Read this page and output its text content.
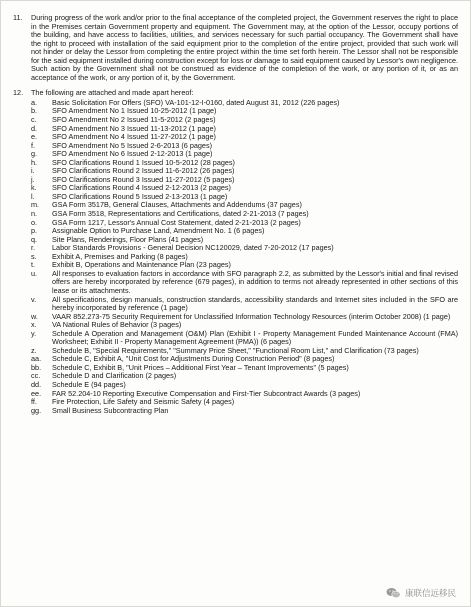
11.	During progress of the work and/or prior to the final acceptance of the completed project, the Government reserves the right to place in the Premises certain Government property and equipment. The Government may, at the option of the Lessor, occupy portions of the building, and have access to facilities, utilities, and services necessary for such partial occupancy. The Government shall have the right to proceed with installation of the said equipment prior to the completion of the entire project, provided that such work will not hinder or delay the Lessor from completing the entire project within the time set forth herein. The Lessor shall not be responsible for the said equipment installed during construction except for loss or damage to said equipment caused by Lessor's own negligence. Such action by the Government shall not be construed as evidence of the completion of the work, or any portion of it, or as an acceptance of the work, or any portion of it, by the Government.
12.	The following are attached and made apart hereof:
a.	Basic Solicitation For Offers (SFO) VA-101-12-I-0160, dated August 31, 2012 (226 pages)
b.	SFO Amendment No 1 Issued 10-25-2012 (1 page)
c.	SFO Amendment No 2 Issued 11-5-2012 (2 pages)
d.	SFO Amendment No 3 Issued 11-13-2012 (1 page)
e.	SFO Amendment No 4 Issued 11-27-2012 (1 page)
f.	SFO Amendment No 5 Issued 2-6-2013 (6 pages)
g.	SFO Amendment No 6 Issued 2-12-2013 (1 page)
h.	SFO Clarifications Round 1 Issued 10-5-2012 (28 pages)
i.	SFO Clarifications Round 2 Issued 11-6-2012 (26 pages)
j.	SFO Clarifications Round 3 Issued 11-27-2012 (5 pages)
k.	SFO Clarifications Round 4 Issued 2-12-2013 (2 pages)
l.	SFO Clarifications Round 5 Issued 2-13-2013 (1 page)
m.	GSA Form 3517B, General Clauses, Attachments and Addendums (37 pages)
n.	GSA Form 3518, Representations and Certifications, dated 2-21-2013 (7 pages)
o.	GSA Form 1217, Lessor's Annual Cost Statement, dated 2-21-2013 (2 pages)
p.	Assignable Option to Purchase Land, Amendment No. 1 (6 pages)
q.	Site Plans, Renderings, Floor Plans (41 pages)
r.	Labor Standards Provisions - General Decision NC120029, dated 7-20-2012 (17 pages)
s.	Exhibit A, Premises and Parking (8 pages)
t.	Exhibit B, Operations and Maintenance Plan (23 pages)
u.	All responses to evaluation factors in accordance with SFO paragraph 2.2, as submitted by the Lessor's initial and final revised offers are hereby incorporated by reference (679 pages), in addition to terms not already represented in other sections of this lease or its attachments.
v.	All specifications, design manuals, construction standards, accessibility standards and Internet sites included in the SFO are hereby incorporated by reference (1 page)
w.	VAAR 852.273-75 Security Requirement for Unclassified Information Technology Resources (interim October 2008) (1 page)
x.	VA National Rules of Behavior (3 pages)
y.	Schedule A Operation and Management (O&M) Plan (Exhibit I - Property Management Funded Maintenance Account (FMA) Worksheet; Exhibit II - Property Management Agreement (PMA)) (6 pages)
z.	Schedule B, "Special Requirements," "Summary Price Sheet," "Functional Room List," and Clarification (73 pages)
aa.	Schedule C, Exhibit A, "Unit Cost for Adjustments During Construction Period" (8 pages)
bb.	Schedule C, Exhibit B, "Unit Prices – Additional First Year – Tenant Improvements" (5 pages)
cc.	Schedule D and Clarification (2 pages)
dd.	Schedule E (94 pages)
ee.	FAR 52.204-10 Reporting Executive Compensation and First-Tier Subcontract Awards (3 pages)
ff.	Fire Protection, Life Safety and Seismic Safety (4 pages)
gg.	Small Business Subcontracting Plan
康联信远移民
